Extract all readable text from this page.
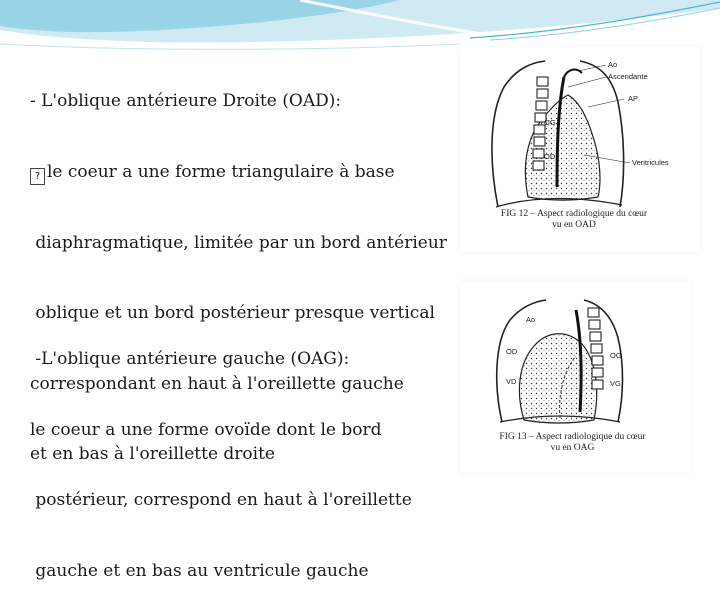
- L'oblique antérieure Droite (OAD):

? le coeur a une forme triangulaire à base

diaphragmatique, limitée par un bord antérieur

oblique et un bord postérieur presque vertical

correspondant en haut à l'oreillette gauche

et en bas à l'oreillette droite

-L'oblique antérieure gauche (OAG):

le coeur a une forme ovoïde dont le bord

postérieur, correspond en haut à l'oreillette

gauche et en bas au ventricule gauche

Ao
Ascendante
AP
OG
OD
Ventricules
FIG 12 – Aspect radiologique du cœur
vu en OAD
Ao
OD
VD
OG
VG
FIG 13 – Aspect radiologique du cœur
vu en OAG
